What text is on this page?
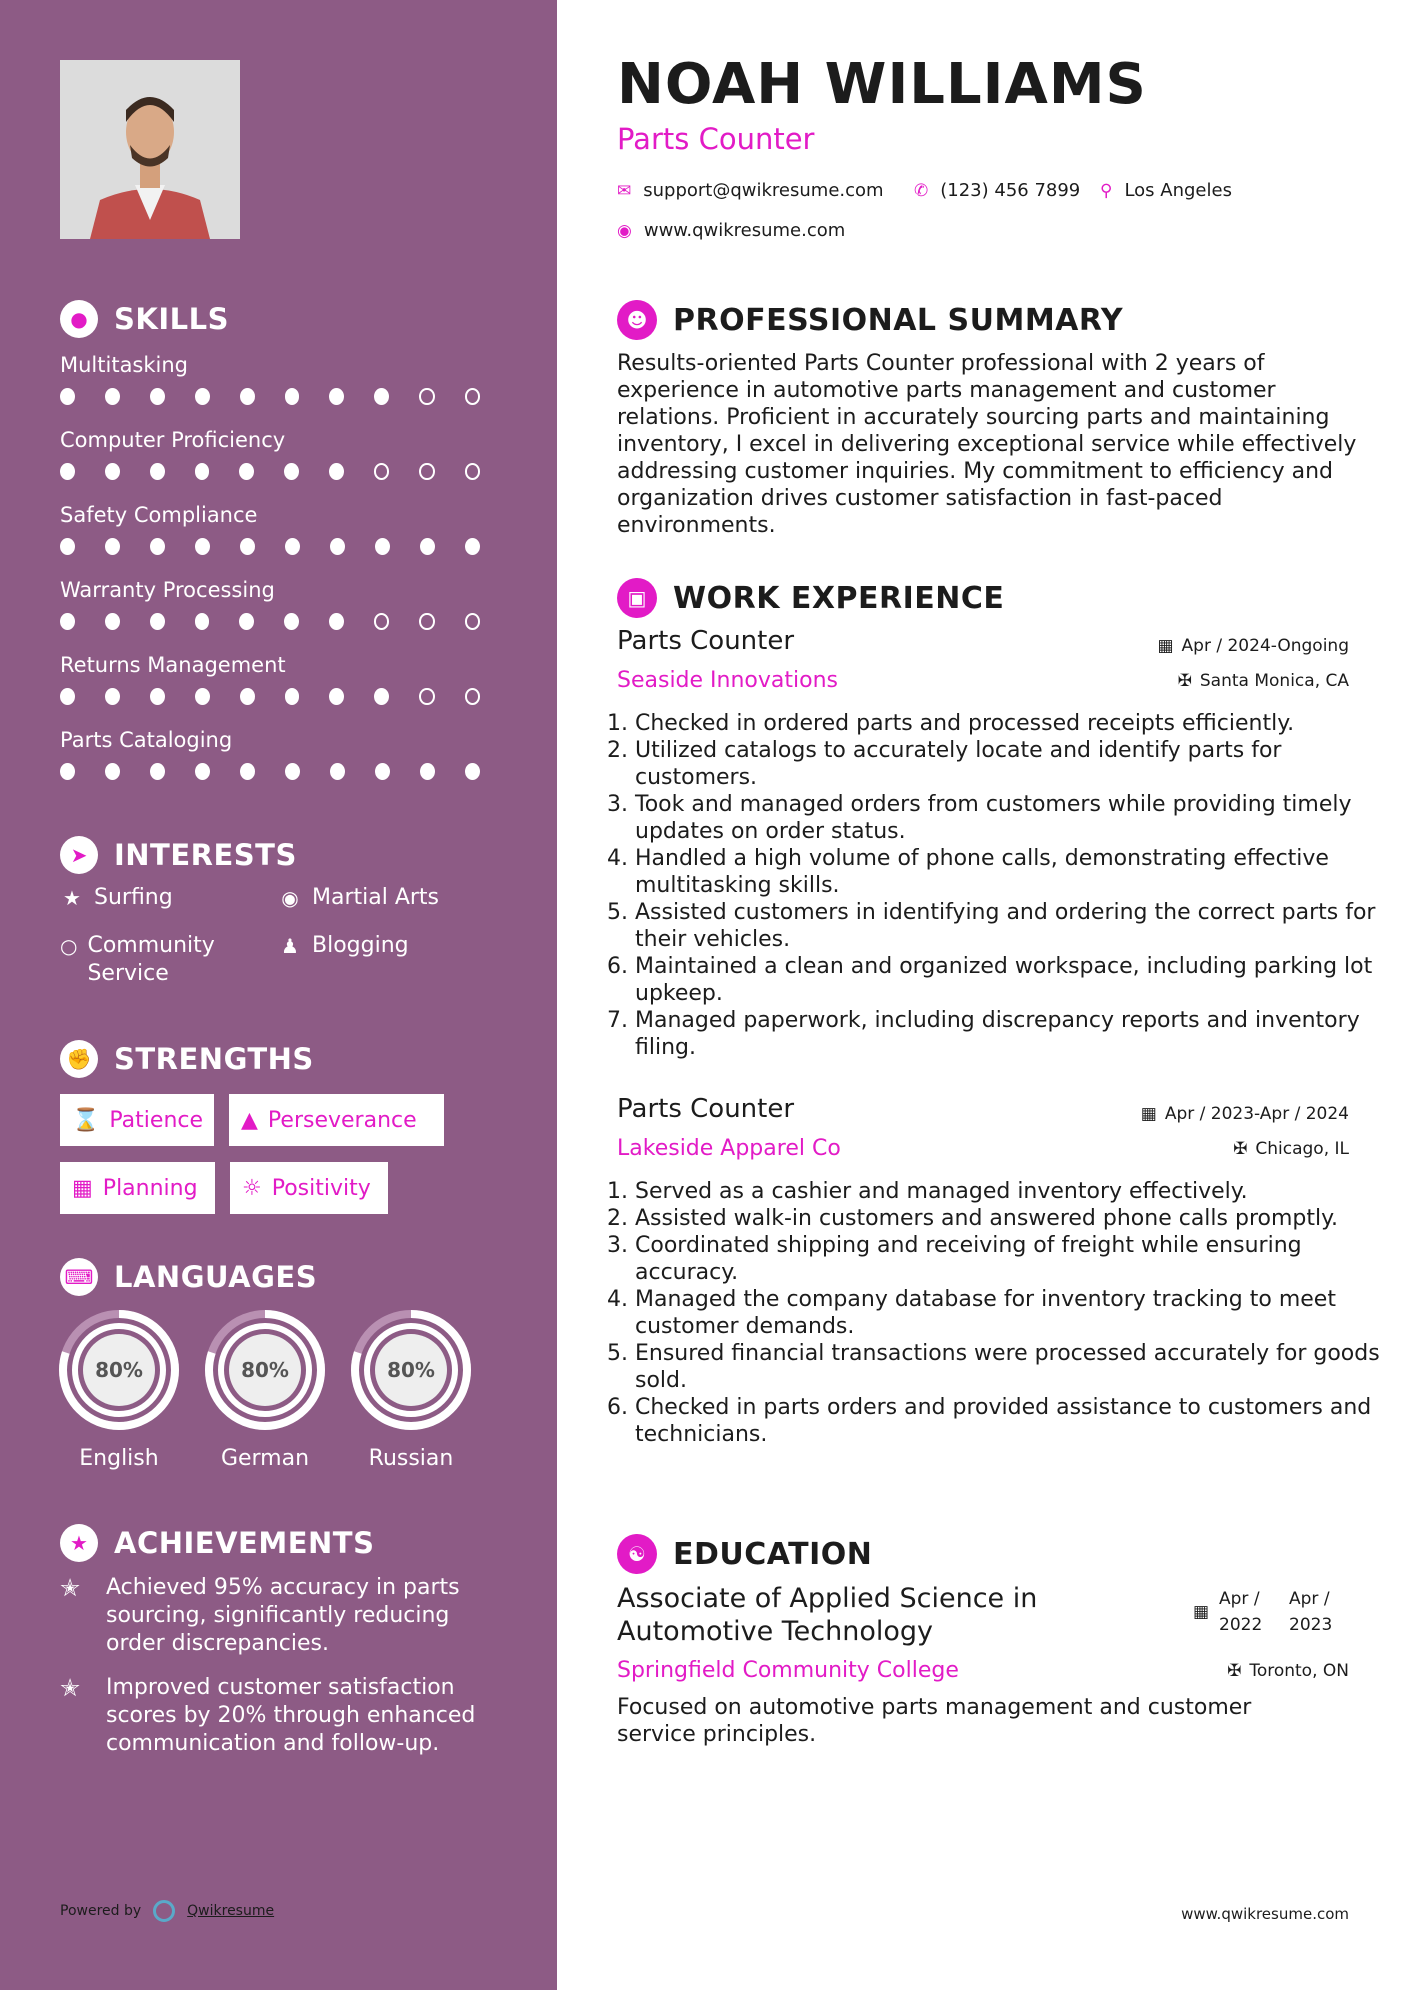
● SKILLS
Multitasking
Computer Proficiency
Safety Compliance
Warranty Processing
Returns Management
Parts Cataloging
➤ INTERESTS
★ Surfing	◉ Martial Arts
○ Community Service
♟ Blogging
✊ STRENGTHS
⌛ Patience ▲ Perseverance
▦ Planning ☼ Positivity
⌨ LANGUAGES
80%
English
80%
German
80%
Russian
★ ACHIEVEMENTS
✭	Achieved 95% accuracy in parts sourcing, significantly reducing order discrepancies.
✭	Improved customer satisfaction scores by 20% through enhanced communication and follow-up.
Powered by	Qwikresume
NOAH WILLIAMS
Parts Counter
✉ support@qwikresume.com ✆ (123) 456 7899 ⚲ Los Angeles
◉ www.qwikresume.com
☻ PROFESSIONAL SUMMARY
Results-oriented Parts Counter professional with 2 years of experience in automotive parts management and customer relations. Proficient in accurately sourcing parts and maintaining inventory, I excel in delivering exceptional service while effectively addressing customer inquiries. My commitment to efficiency and organization drives customer satisfaction in fast-paced environments.
▣ WORK EXPERIENCE
Parts Counter	▦ Apr / 2024-Ongoing
Seaside Innovations	✠ Santa Monica, CA
1. Checked in ordered parts and processed receipts efficiently.
2. Utilized catalogs to accurately locate and identify parts for customers.
3. Took and managed orders from customers while providing timely updates on order status.
4. Handled a high volume of phone calls, demonstrating effective multitasking skills.
5. Assisted customers in identifying and ordering the correct parts for their vehicles.
6. Maintained a clean and organized workspace, including parking lot upkeep.
7. Managed paperwork, including discrepancy reports and inventory filing.
Parts Counter	▦ Apr / 2023-Apr / 2024
Lakeside Apparel Co	✠ Chicago, IL
1. Served as a cashier and managed inventory effectively.
2. Assisted walk-in customers and answered phone calls promptly.
3. Coordinated shipping and receiving of freight while ensuring accuracy.
4. Managed the company database for inventory tracking to meet customer demands.
5. Ensured financial transactions were processed accurately for goods sold.
6. Checked in parts orders and provided assistance to customers and technicians.
☯ EDUCATION
Associate of Applied Science in Automotive Technology
▦
Apr / 2022
Apr / 2023
Springfield Community College	✠ Toronto, ON
Focused on automotive parts management and customer service principles.
www.qwikresume.com
